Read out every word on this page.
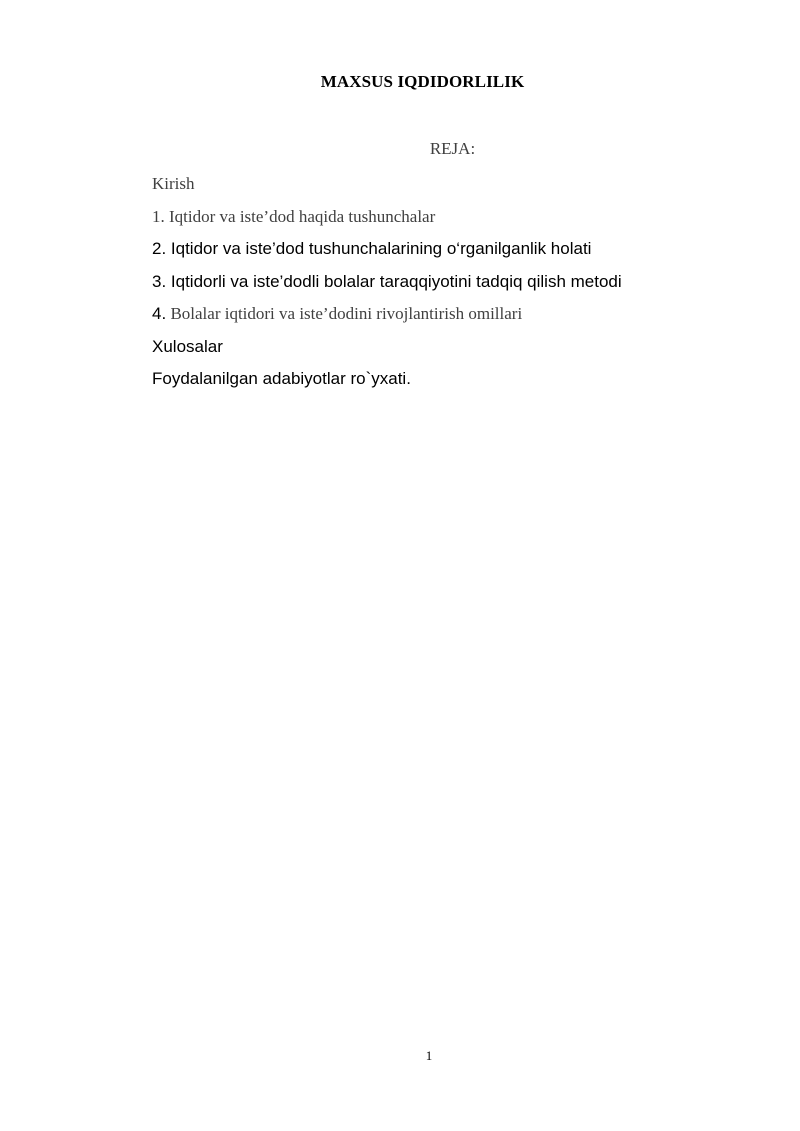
MAXSUS IQDIDORLILIK
REJA:
Kirish
1. Iqtidor va iste’dod haqida tushunchalar
2. Iqtidor va iste’dod tushunchalarining o‘rganilganlik holati
3. Iqtidorli va iste’dodli bolalar taraqqiyotini tadqiq qilish metodi
4. Bolalar iqtidori va iste’dodini rivojlantirish omillari
Xulosalar
Foydalanilgan adabiyotlar ro`yxati.
1
